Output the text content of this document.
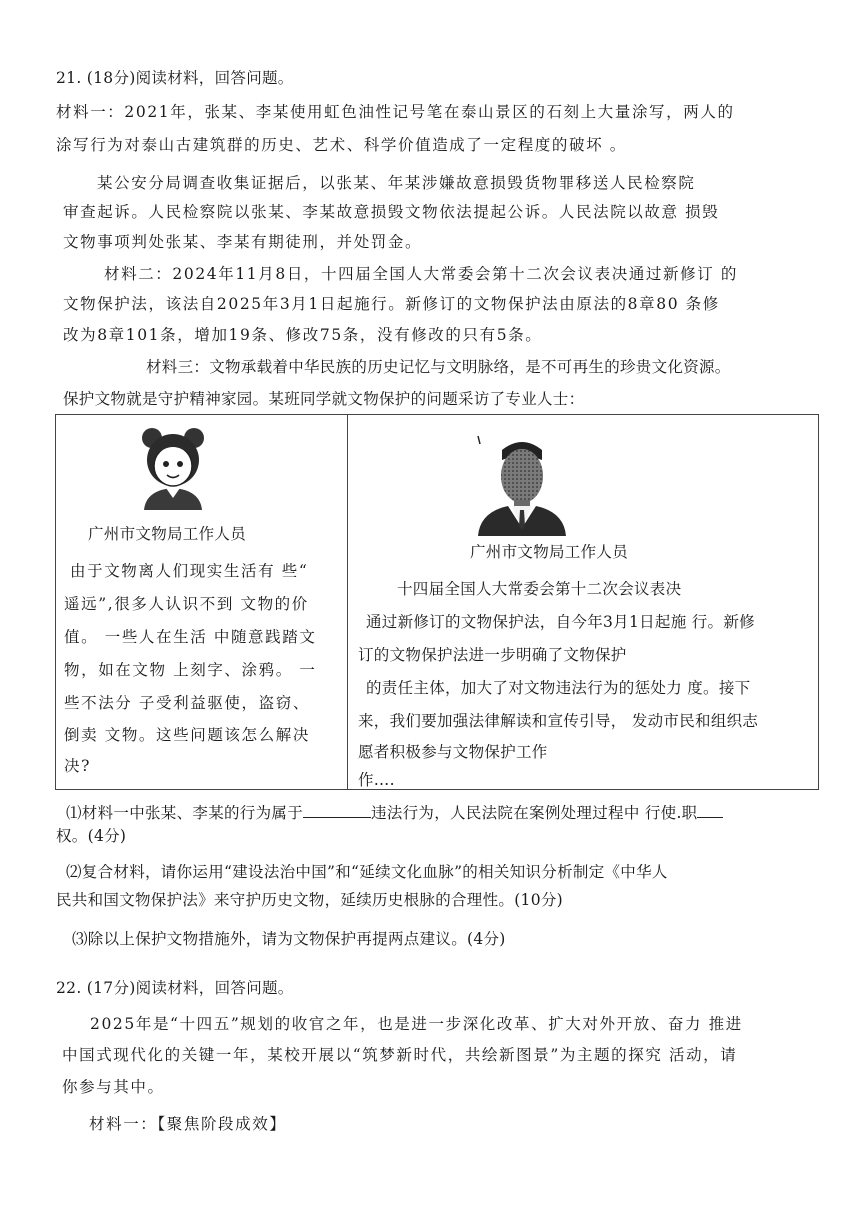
21. (18分)阅读材料，回答问题。
材料一：2021年，张某、李某使用虹色油性记号笔在泰山景区的石刻上大量涂写，两人的
涂写行为对泰山古建筑群的历史、艺术、科学价值造成了一定程度的破坏 。
某公安分局调查收集证据后，以张某、年某涉嫌故意损毁货物罪移送人民检察院
审查起诉。人民检察院以张某、李某故意损毁文物依法提起公诉。人民法院以故意 损毁
文物事项判处张某、李某有期徒刑，并处罚金。
材料二：2024年11月8日，十四届全国人大常委会第十二次会议表决通过新修订 的
文物保护法，该法自2025年3月1日起施行。新修订的文物保护法由原法的8章80 条修
改为8章101条，增加19条、修改75条，没有修改的只有5条。
材料三：文物承载着中华民族的历史记忆与文明脉络，是不可再生的珍贵文化资源。
保护文物就是守护精神家园。某班同学就文物保护的问题采访了专业人士：
广州市文物局工作人员
由于文物离人们现实生活有 些“
遥远”,很多人认识不到 文物的价
值。 一些人在生活 中随意践踏文
物，如在文物 上刻字、涂鸦。 一
些不法分 子受利益驱使，盗窃、
倒卖 文物。这些问题该怎么解决
决?
广州市文物局工作人员
十四届全国人大常委会第十二次会议表决
通过新修订的文物保护法，自今年3月1日起施 行。新修
订的文物保护法进一步明确了文物保护
的责任主体，加大了对文物违法行为的惩处力 度。接下
来，我们要加强法律解读和宣传引导， 发动市民和组织志
愿者积极参与文物保护工作
作….
⑴材料一中张某、李某的行为属于	违法行为，人民法院在案例处理过程中 行使.职
权。(4分)
⑵复合材料，请你运用“建设法治中国”和“延续文化血脉”的相关知识分析制定《中华人
民共和国文物保护法》来守护历史文物，延续历史根脉的合理性。(10分)
⑶除以上保护文物措施外，请为文物保护再提两点建议。(4分)
22. (17分)阅读材料，回答问题。
2025年是“十四五”规划的收官之年，也是进一步深化改革、扩大对外开放、奋力 推进
中国式现代化的关键一年，某校开展以“筑梦新时代，共绘新图景”为主题的探究 活动，请
你参与其中。
材料一：【聚焦阶段成效】
